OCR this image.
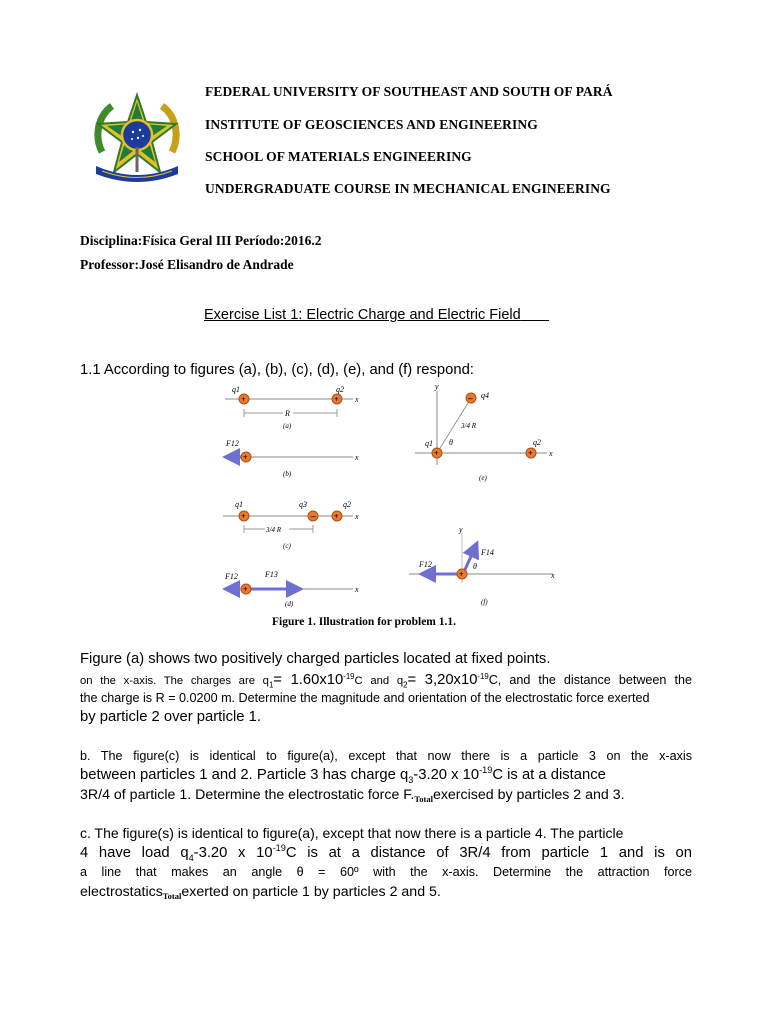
FEDERAL UNIVERSITY OF SOUTHEAST AND SOUTH OF PARÁ
INSTITUTE OF GEOSCIENCES AND ENGINEERING
SCHOOL OF MATERIALS ENGINEERING
UNDERGRADUATE COURSE IN MECHANICAL ENGINEERING
Disciplina:Física Geral III Período:2016.2
Professor:José Elisandro de Andrade
Exercise List 1: Electric Charge and Electric Field
1.1 According to figures (a), (b), (c), (d), (e), and (f) respond:
x
+	+
q1	q2
R
(a)
x
+
F12
(b)
x
+	– +
q1	q3	q2
3/4 R
(c)
x
+
F12	F13
(d)
y
x
+
–
+
q4
q1	q2
3/4 R
θ
(e)
x
y
+
F14
F12	θ
(f)
Figure 1. Illustration for problem 1.1.
Figure (a) shows two positively charged particles located at fixed points.
on the x-axis. The charges are $q_1= 1.60x10^{-19}C$ and $q_2= 3,20x10^{-19}C$, and the distance between the
the charge is R = 0.0200 m. Determine the magnitude and orientation of the electrostatic force exerted
by particle 2 over particle 1.
b. The figure(c) is identical to figure(a), except that now there is a particle 3 on the x-axis
between particles 1 and 2. Particle 3 has charge $q_3-3.20$ x $10^{-19}C$ is at a distance
3R/4 of particle 1. Determine the electrostatic force $F._{Total}exercised$ by particles 2 and 3.
c. The figure(s) is identical to figure(a), except that now there is a particle 4. The particle
4 have load $q_4-3.20$ x $10^{-19}C$ is at a distance of 3R/4 from particle 1 and is on
a line that makes an angle θ = 60º with the x-axis. Determine the attraction force
electrostatics$_{Total}$exerted on particle 1 by particles 2 and 5.
